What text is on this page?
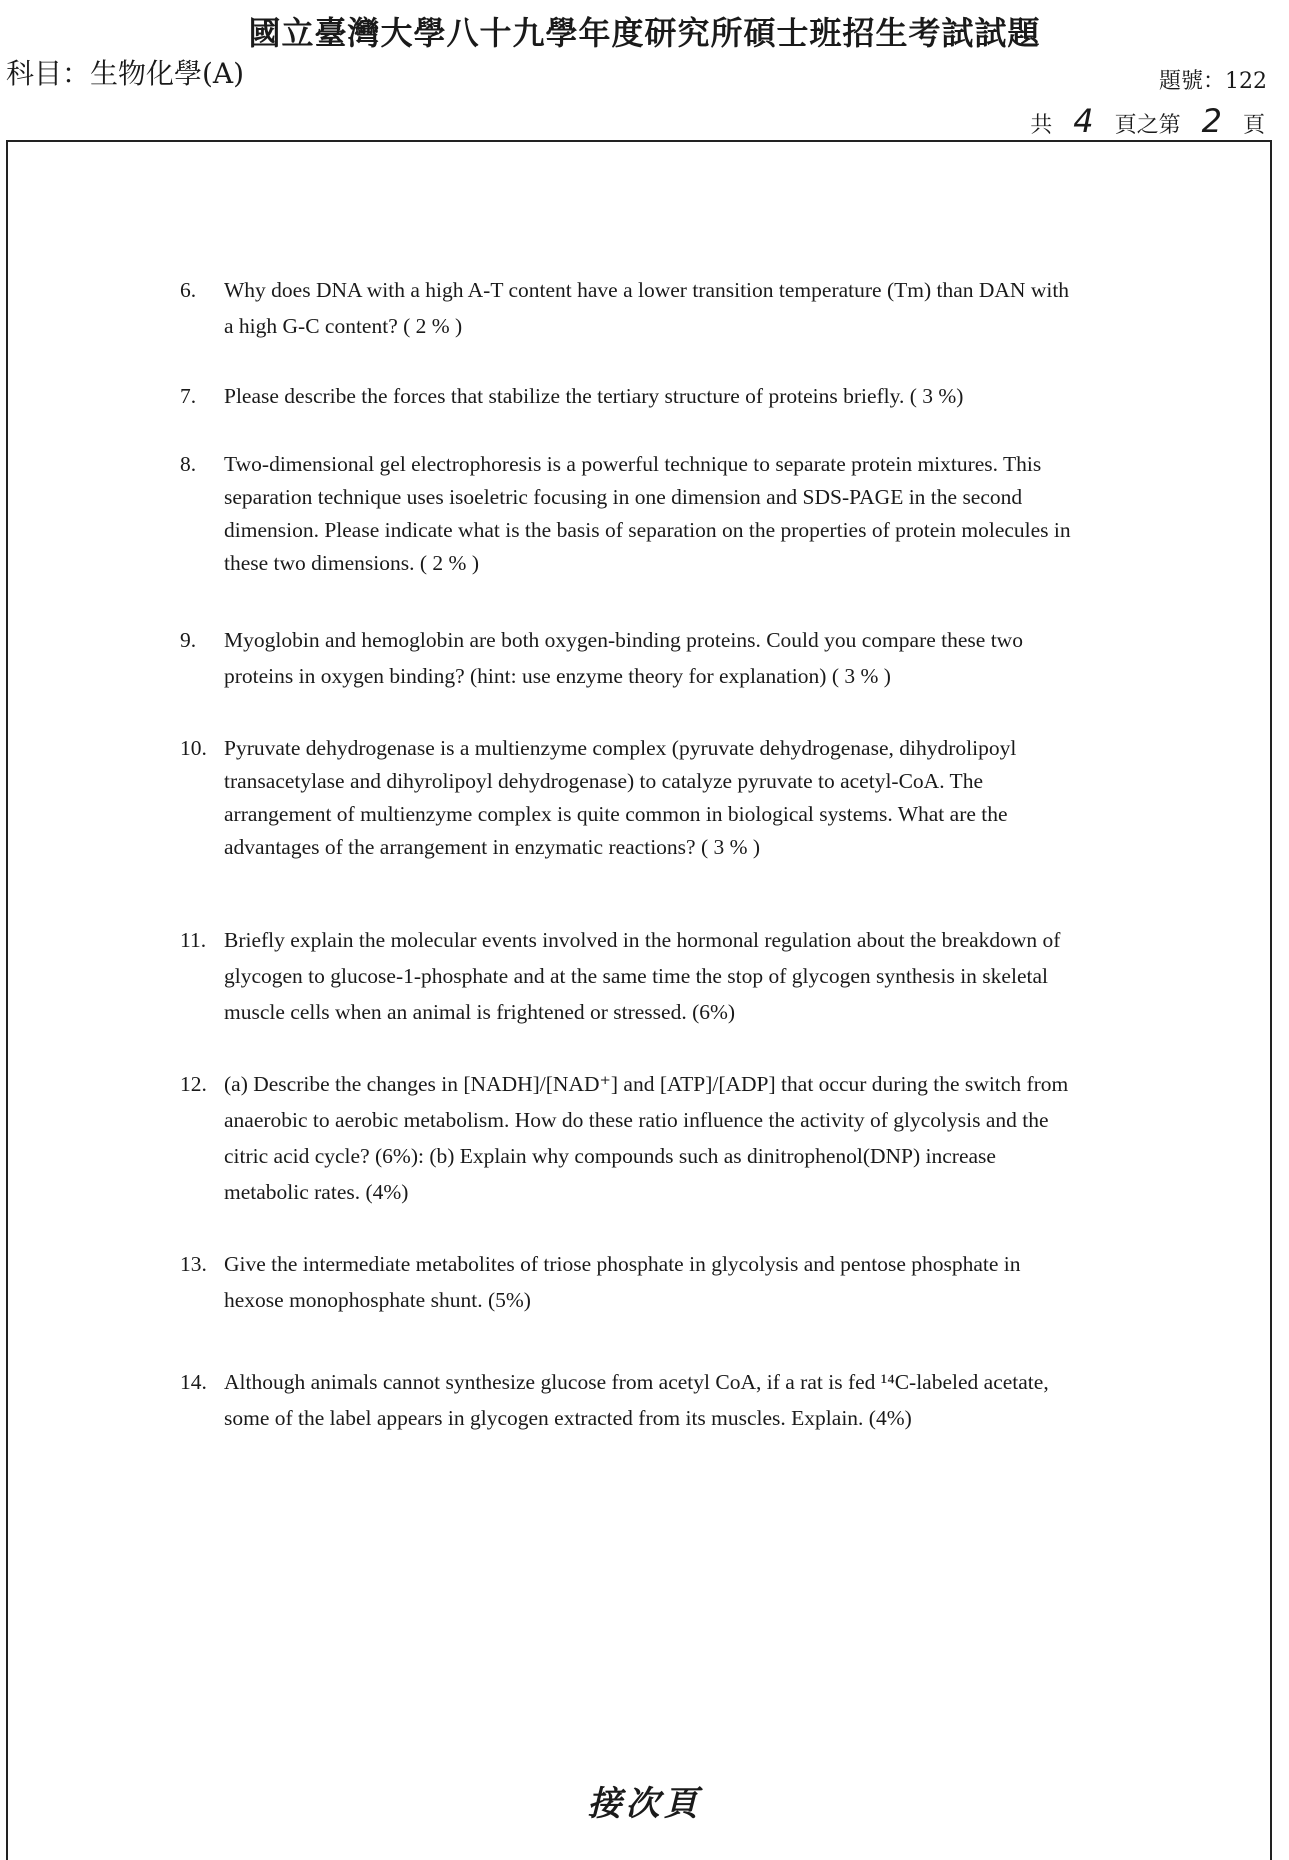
國立臺灣大學八十九學年度研究所碩士班招生考試試題
科目：生物化學(A)	題號：122
共 4 頁之第 2 頁
6.	Why does DNA with a high A-T content have a lower transition temperature (Tm) than DAN with a high G-C content? ( 2 % )
7.	Please describe the forces that stabilize the tertiary structure of proteins briefly. ( 3 %)
8.	Two-dimensional gel electrophoresis is a powerful technique to separate protein mixtures. This separation technique uses isoeletric focusing in one dimension and SDS-PAGE in the second dimension. Please indicate what is the basis of separation on the properties of protein molecules in these two dimensions. ( 2 % )
9.	Myoglobin and hemoglobin are both oxygen-binding proteins. Could you compare these two proteins in oxygen binding? (hint: use enzyme theory for explanation) ( 3 % )
10. Pyruvate dehydrogenase is a multienzyme complex (pyruvate dehydrogenase, dihydrolipoyl transacetylase and dihyrolipoyl dehydrogenase) to catalyze pyruvate to acetyl-CoA. The arrangement of multienzyme complex is quite common in biological systems. What are the advantages of the arrangement in enzymatic reactions? ( 3 % )
11. Briefly explain the molecular events involved in the hormonal regulation about the breakdown of glycogen to glucose-1-phosphate and at the same time the stop of glycogen synthesis in skeletal muscle cells when an animal is frightened or stressed. (6%)
12. (a) Describe the changes in [NADH]/[NAD⁺] and [ATP]/[ADP] that occur during the switch from anaerobic to aerobic metabolism. How do these ratio influence the activity of glycolysis and the citric acid cycle? (6%): (b) Explain why compounds such as dinitrophenol(DNP) increase metabolic rates. (4%)
13. Give the intermediate metabolites of triose phosphate in glycolysis and pentose phosphate in hexose monophosphate shunt. (5%)
14. Although animals cannot synthesize glucose from acetyl CoA, if a rat is fed ¹⁴C-labeled acetate, some of the label appears in glycogen extracted from its muscles. Explain. (4%)
接次頁
